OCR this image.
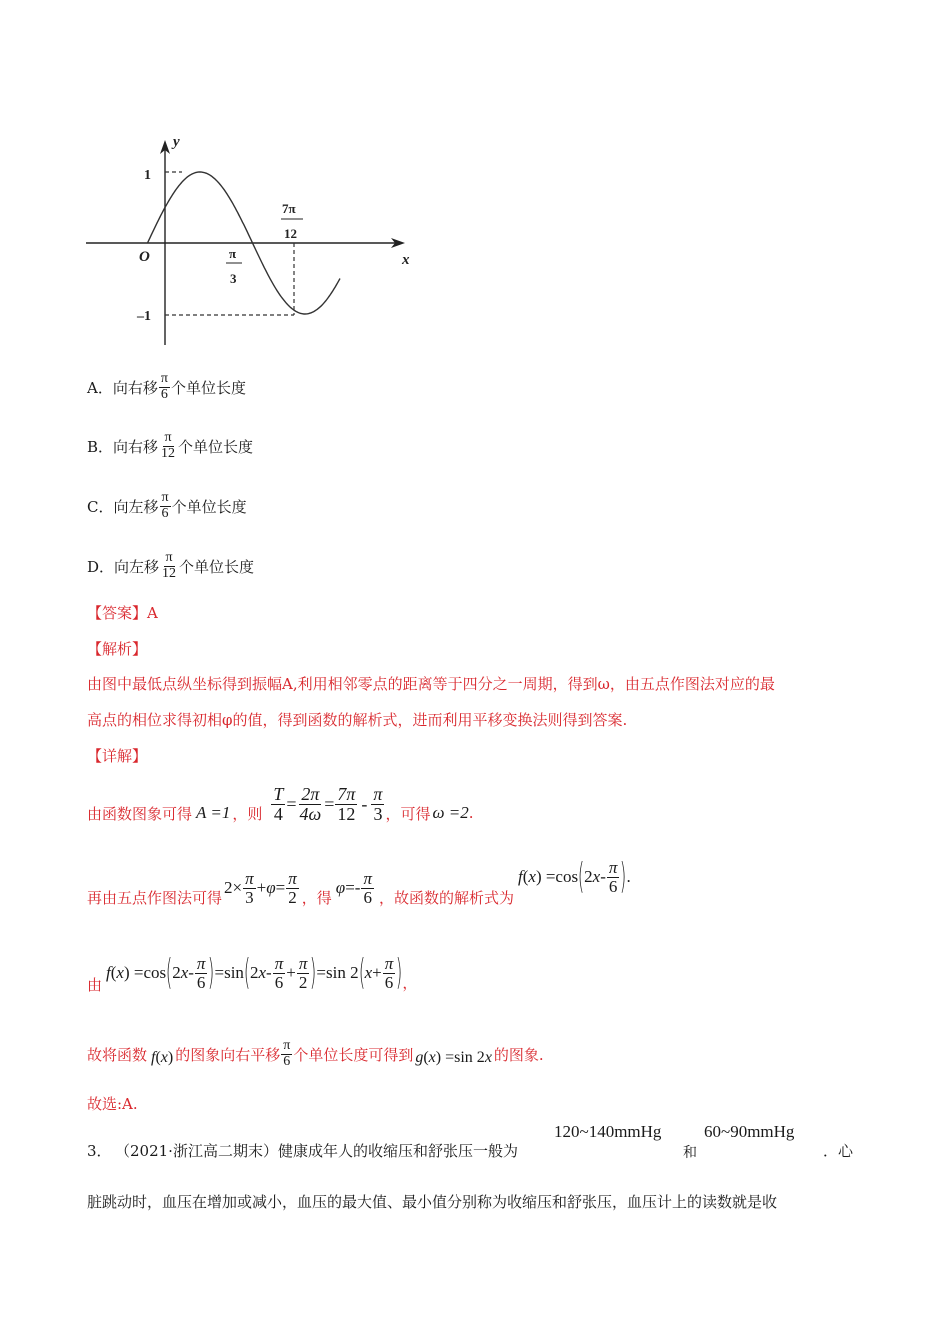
y
x
O
1
–1
π
3
7π
12
A． 向右移 $\frac{\pi}{6}$ 个单位长度
B． 向右移 $\frac{\pi}{12}$ 个单位长度
C． 向左移 $\frac{\pi}{6}$ 个单位长度
D． 向左移 $\frac{\pi}{12}$ 个单位长度
【答案】A
【解析】
由图中最低点纵坐标得到振幅A,利用相邻零点的距离等于四分之一周期，得到ω，由五点作图法对应的最
高点的相位求得初相φ的值，得到函数的解析式，进而利用平移变换法则得到答案.
【详解】
由函数图象可得 A =1 ，则 $\frac{T}{4} = \frac{2\pi}{4\omega} = \frac{7\pi}{12} - \frac{\pi}{3}$ ，可得 ω =2 .
再由五点作图法可得
$2\times \frac{\pi}{3} + \varphi = \frac{\pi}{2}$ ，得
$\varphi =- \frac{\pi}{6}$ ，故函数的解析式为
f ( x ) =cos ( 2 x - $\frac{\pi}{6}$ ) .
由
f ( x ) =cos ( 2 x - $\frac{\pi}{6}$ ) =sin ( 2 $x - \frac{\pi}{6} + \frac{\pi}{2}$ ) =sin 2 ( $x + \frac{\pi}{6}$ ) ，
故将函数 f(x) 的图象向右平移 $\frac{\pi}{6}$ 个单位长度可得到 g(x) =sin 2x 的图象.
故选:A.
3． （2021·浙江高二期末）健康成年人的收缩压和舒张压一般为
120~140mmHg
和
60~90mmHg
．心
脏跳动时，血压在增加或减小，血压的最大值、最小值分别称为收缩压和舒张压，血压计上的读数就是收
